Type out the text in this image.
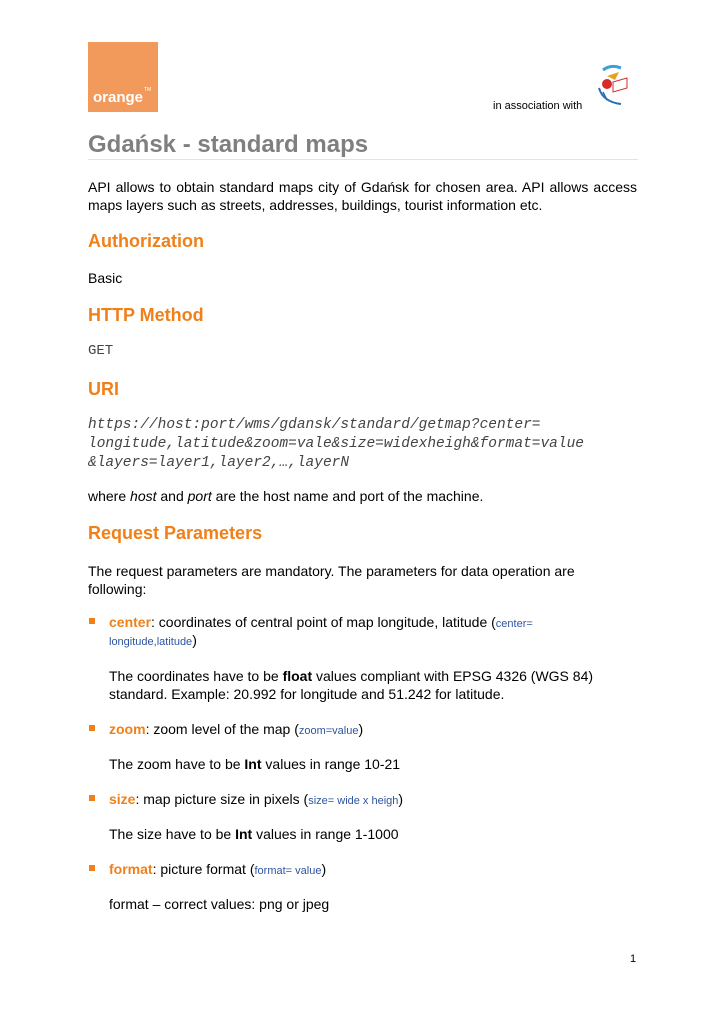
orange TM
in association with
Gdańsk - standard maps
API allows to obtain standard maps city of Gdańsk for chosen area. API allows access maps layers such as streets, addresses, buildings, tourist information etc.
Authorization
Basic
HTTP Method
GET
URI
https://host:port/wms/gdansk/standard/getmap?center=
longitude,latitude&zoom=vale&size=widexheigh&format=value
&layers=layer1,layer2,…,layerN
where host and port are the host name and port of the machine.
Request Parameters
The request parameters are mandatory. The parameters for data operation are
following:
center: coordinates of central point of map longitude, latitude (center=
longitude,latitude)
The coordinates have to be float values compliant with EPSG 4326 (WGS 84)
standard. Example: 20.992 for longitude and 51.242 for latitude.
zoom: zoom level of the map (zoom=value)
The zoom have to be Int values in range 10-21
size: map picture size in pixels (size= wide x heigh)
The size have to be Int values in range 1-1000
format: picture format (format= value)
format – correct values: png or jpeg
1
